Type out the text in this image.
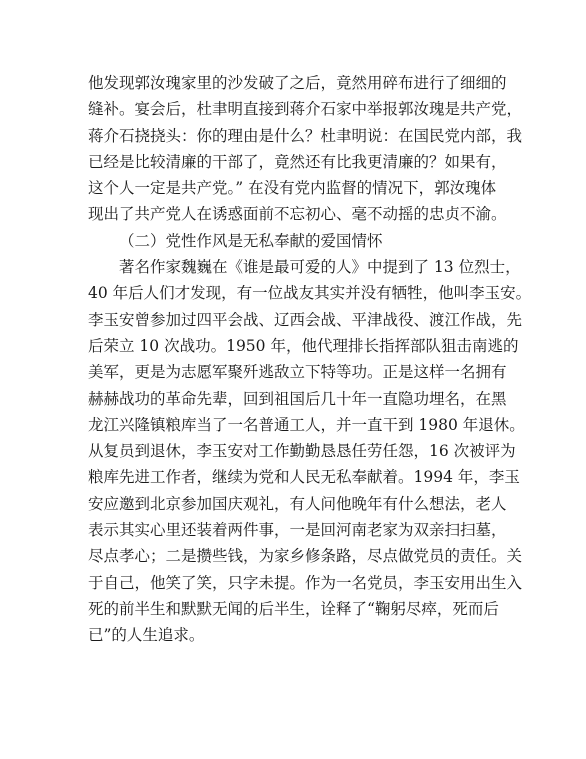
他发现郭汝瑰家里的沙发破了之后，竟然用碎布进行了细细的
缝补。宴会后，杜聿明直接到蒋介石家中举报郭汝瑰是共产党，
蒋介石挠挠头：你的理由是什么？杜聿明说：在国民党内部，我
已经是比较清廉的干部了，竟然还有比我更清廉的？如果有，
这个人一定是共产党。” 在没有党内监督的情况下，郭汝瑰体
现出了共产党人在诱惑面前不忘初心、毫不动摇的忠贞不渝。
（二）党性作风是无私奉献的爱国情怀
著名作家魏巍在《谁是最可爱的人》中提到了 13 位烈士，
40 年后人们才发现，有一位战友其实并没有牺牲，他叫李玉安。
李玉安曾参加过四平会战、辽西会战、平津战役、渡江作战，先
后荣立 10 次战功。1950 年，他代理排长指挥部队狙击南逃的
美军，更是为志愿军聚歼逃敌立下特等功。正是这样一名拥有
赫赫战功的革命先辈，回到祖国后几十年一直隐功埋名，在黑
龙江兴隆镇粮库当了一名普通工人，并一直干到 1980 年退休。
从复员到退休，李玉安对工作勤勤恳恳任劳任怨，16 次被评为
粮库先进工作者，继续为党和人民无私奉献着。1994 年，李玉
安应邀到北京参加国庆观礼，有人问他晚年有什么想法，老人
表示其实心里还装着两件事，一是回河南老家为双亲扫扫墓，
尽点孝心；二是攒些钱，为家乡修条路，尽点做党员的责任。关
于自己，他笑了笑，只字未提。作为一名党员，李玉安用出生入
死的前半生和默默无闻的后半生，诠释了“鞠躬尽瘁，死而后
已”的人生追求。
